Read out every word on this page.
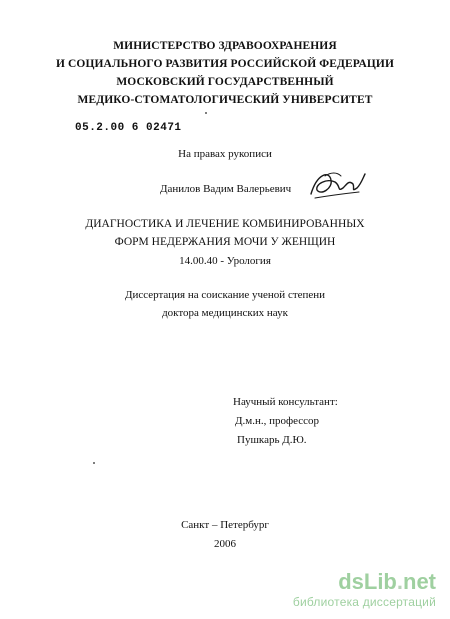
МИНИСТЕРСТВО ЗДРАВООХРАНЕНИЯ
И СОЦИАЛЬНОГО РАЗВИТИЯ РОССИЙСКОЙ ФЕДЕРАЦИИ
МОСКОВСКИЙ ГОСУДАРСТВЕННЫЙ
МЕДИКО-СТОМАТОЛОГИЧЕСКИЙ УНИВЕРСИТЕТ
05.2.00 6 02471
На правах рукописи
Данилов Вадим Валерьевич
ДИАГНОСТИКА И ЛЕЧЕНИЕ КОМБИНИРОВАННЫХ
ФОРМ НЕДЕРЖАНИЯ МОЧИ У ЖЕНЩИН
14.00.40 - Урология
Диссертация на соискание ученой степени
доктора медицинских наук
Научный консультант:
Д.м.н., профессор
Пушкарь Д.Ю.
Санкт – Петербург
2006
dsLib.net
библиотека диссертаций
